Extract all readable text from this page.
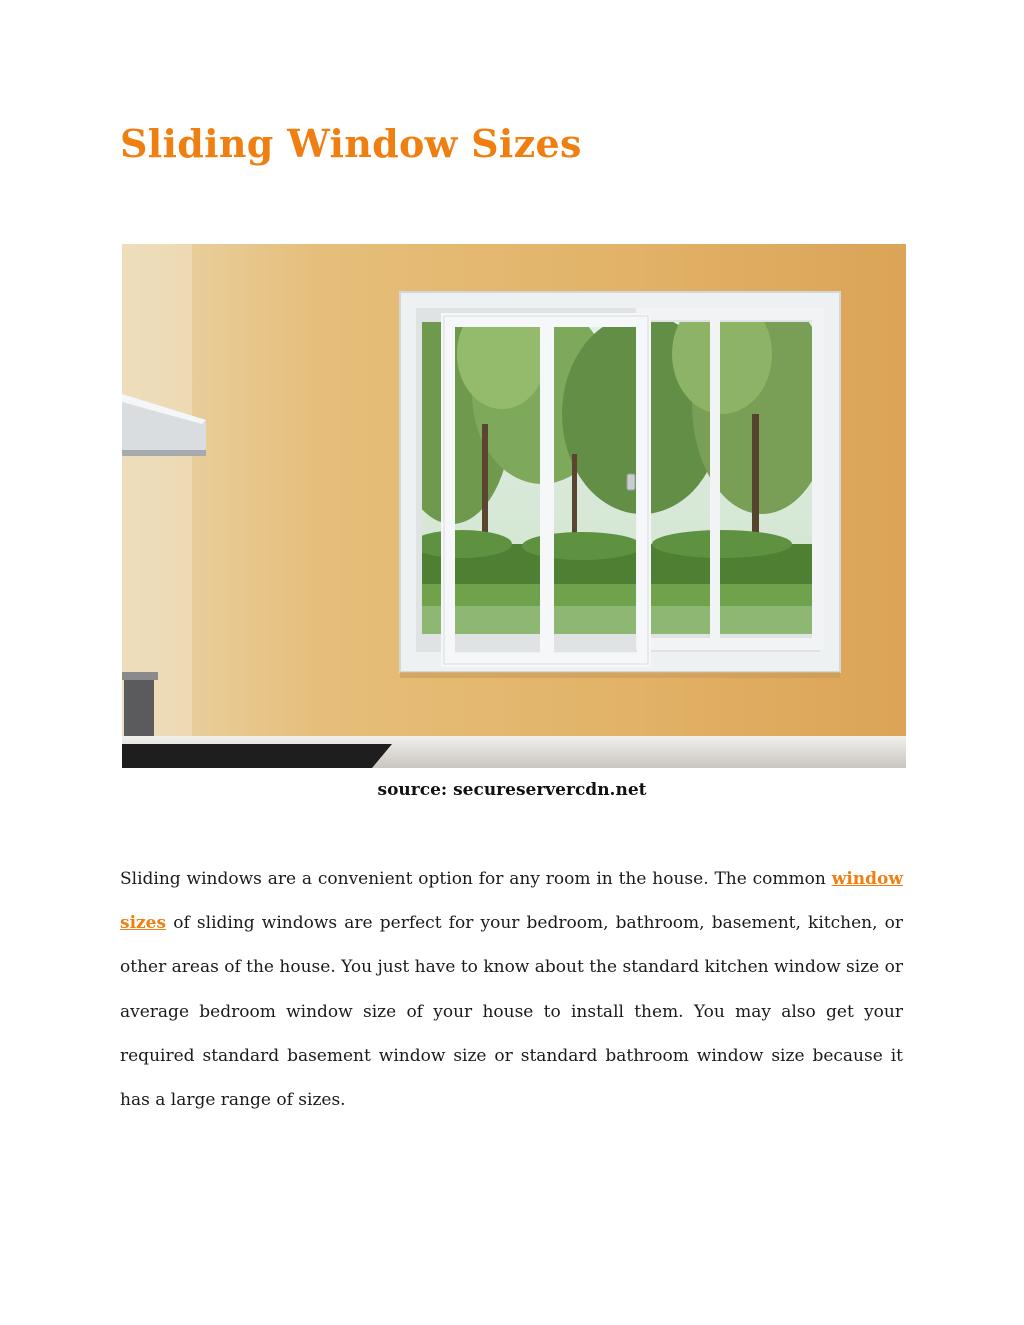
Sliding Window Sizes
source: secureservercdn.net

Sliding windows are a convenient option for any room in the house. The common window sizes of sliding windows are perfect for your bedroom, bathroom, basement, kitchen, or other areas of the house. You just have to know about the standard kitchen window size or average bedroom window size of your house to install them. You may also get your required standard basement window size or standard bathroom window size because it has a large range of sizes.
